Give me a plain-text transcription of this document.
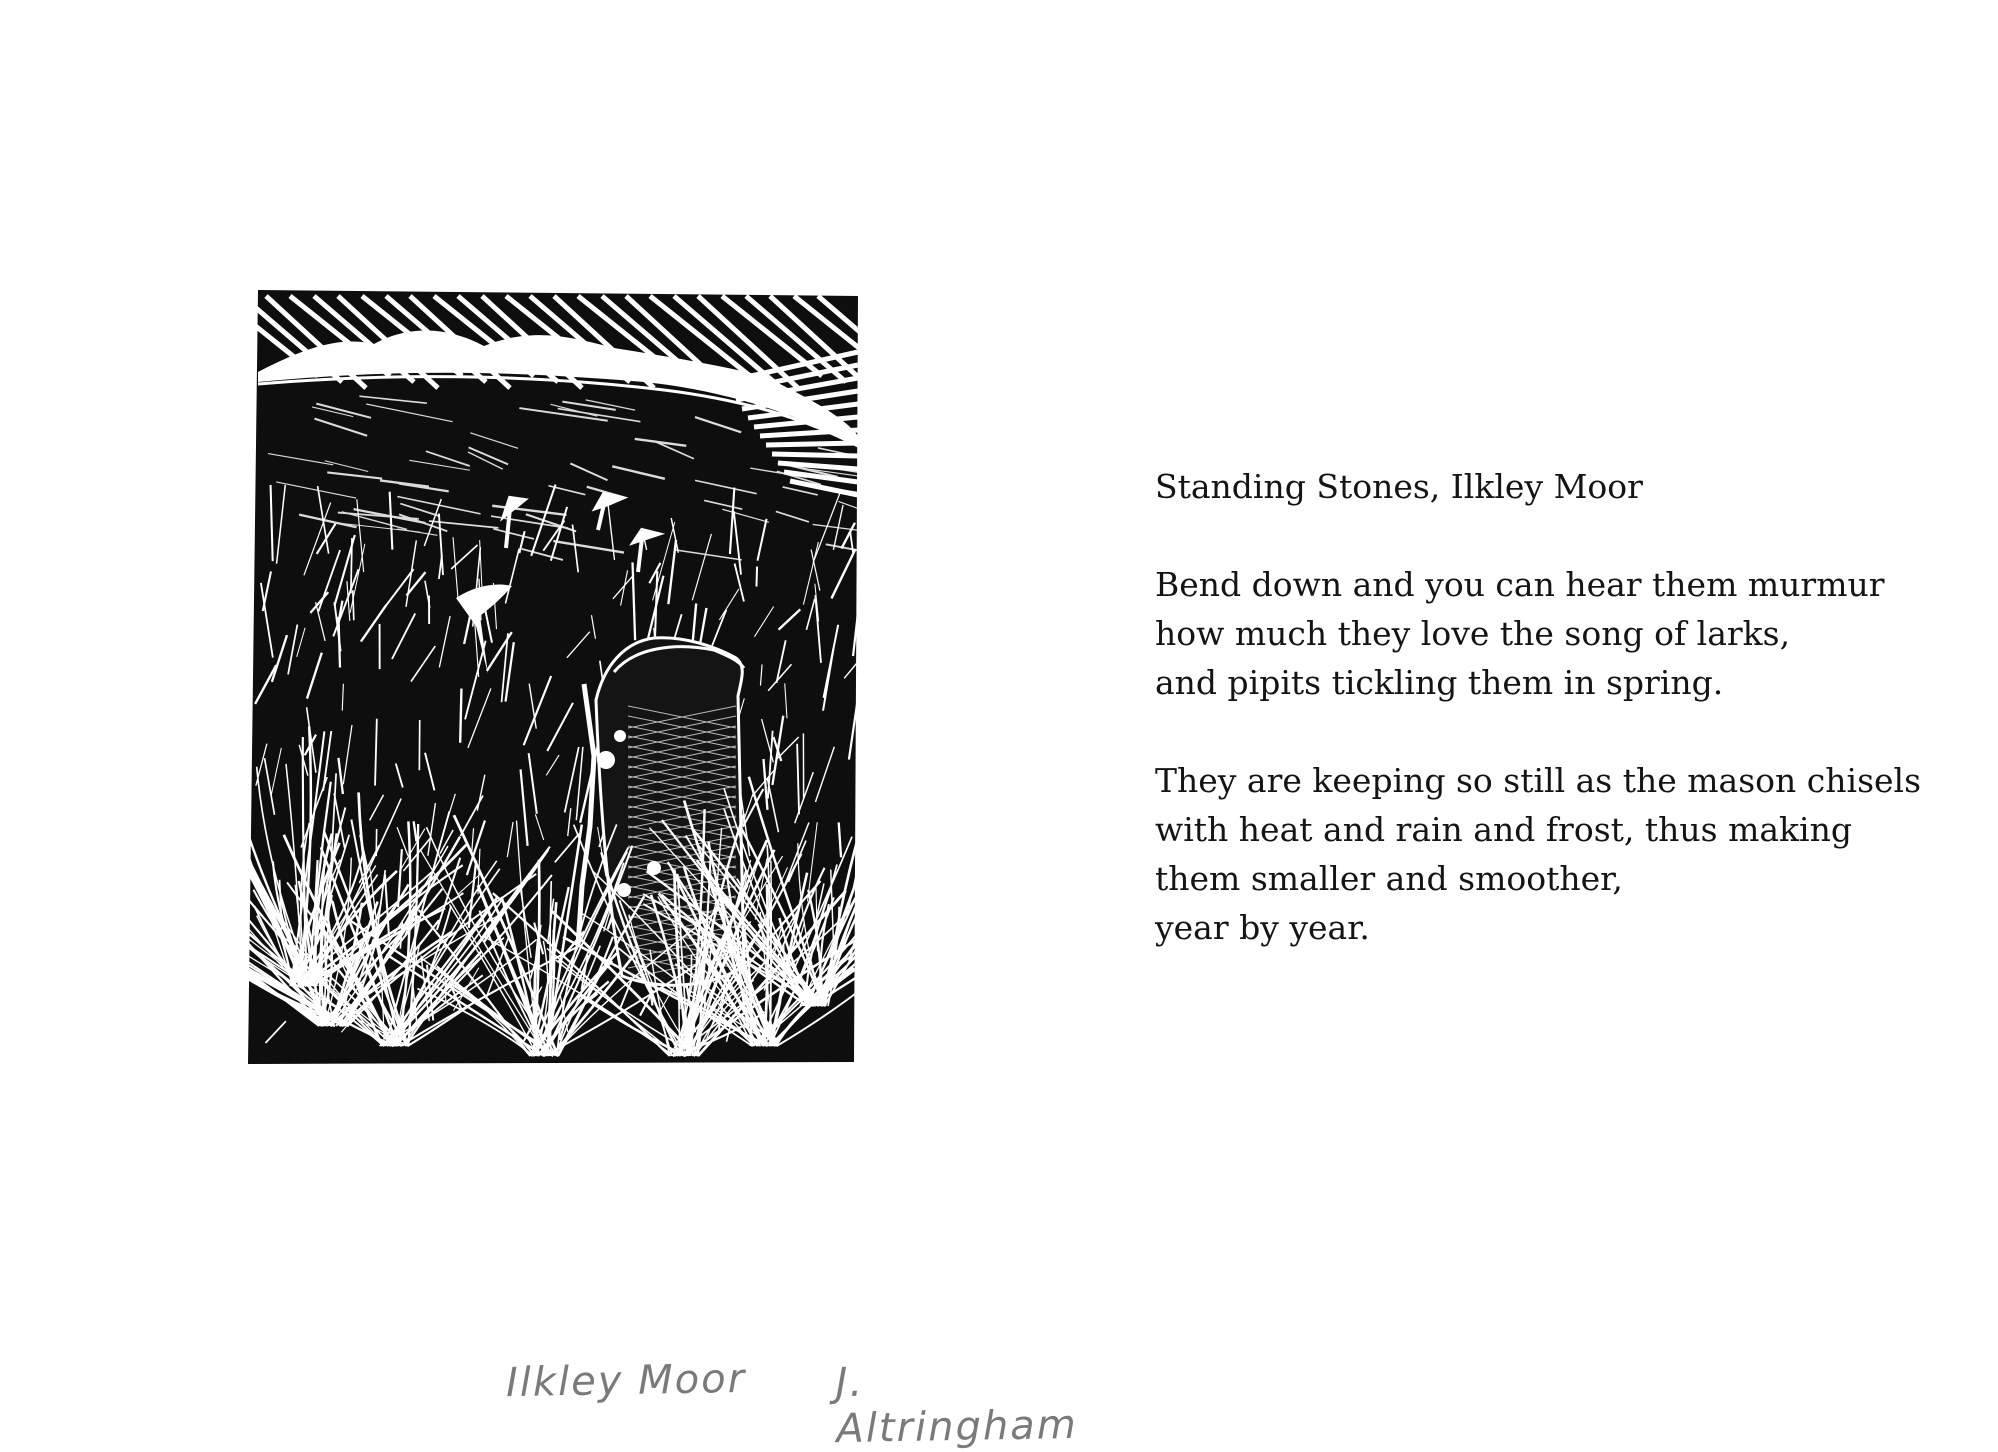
Ilkley Moor J. Altringham
Standing Stones, Ilkley Moor
Bend down and you can hear them murmur
how much they love the song of larks,
and pipits tickling them in spring.
They are keeping so still as the mason chisels
with heat and rain and frost, thus making
them smaller and smoother,
year by year.
